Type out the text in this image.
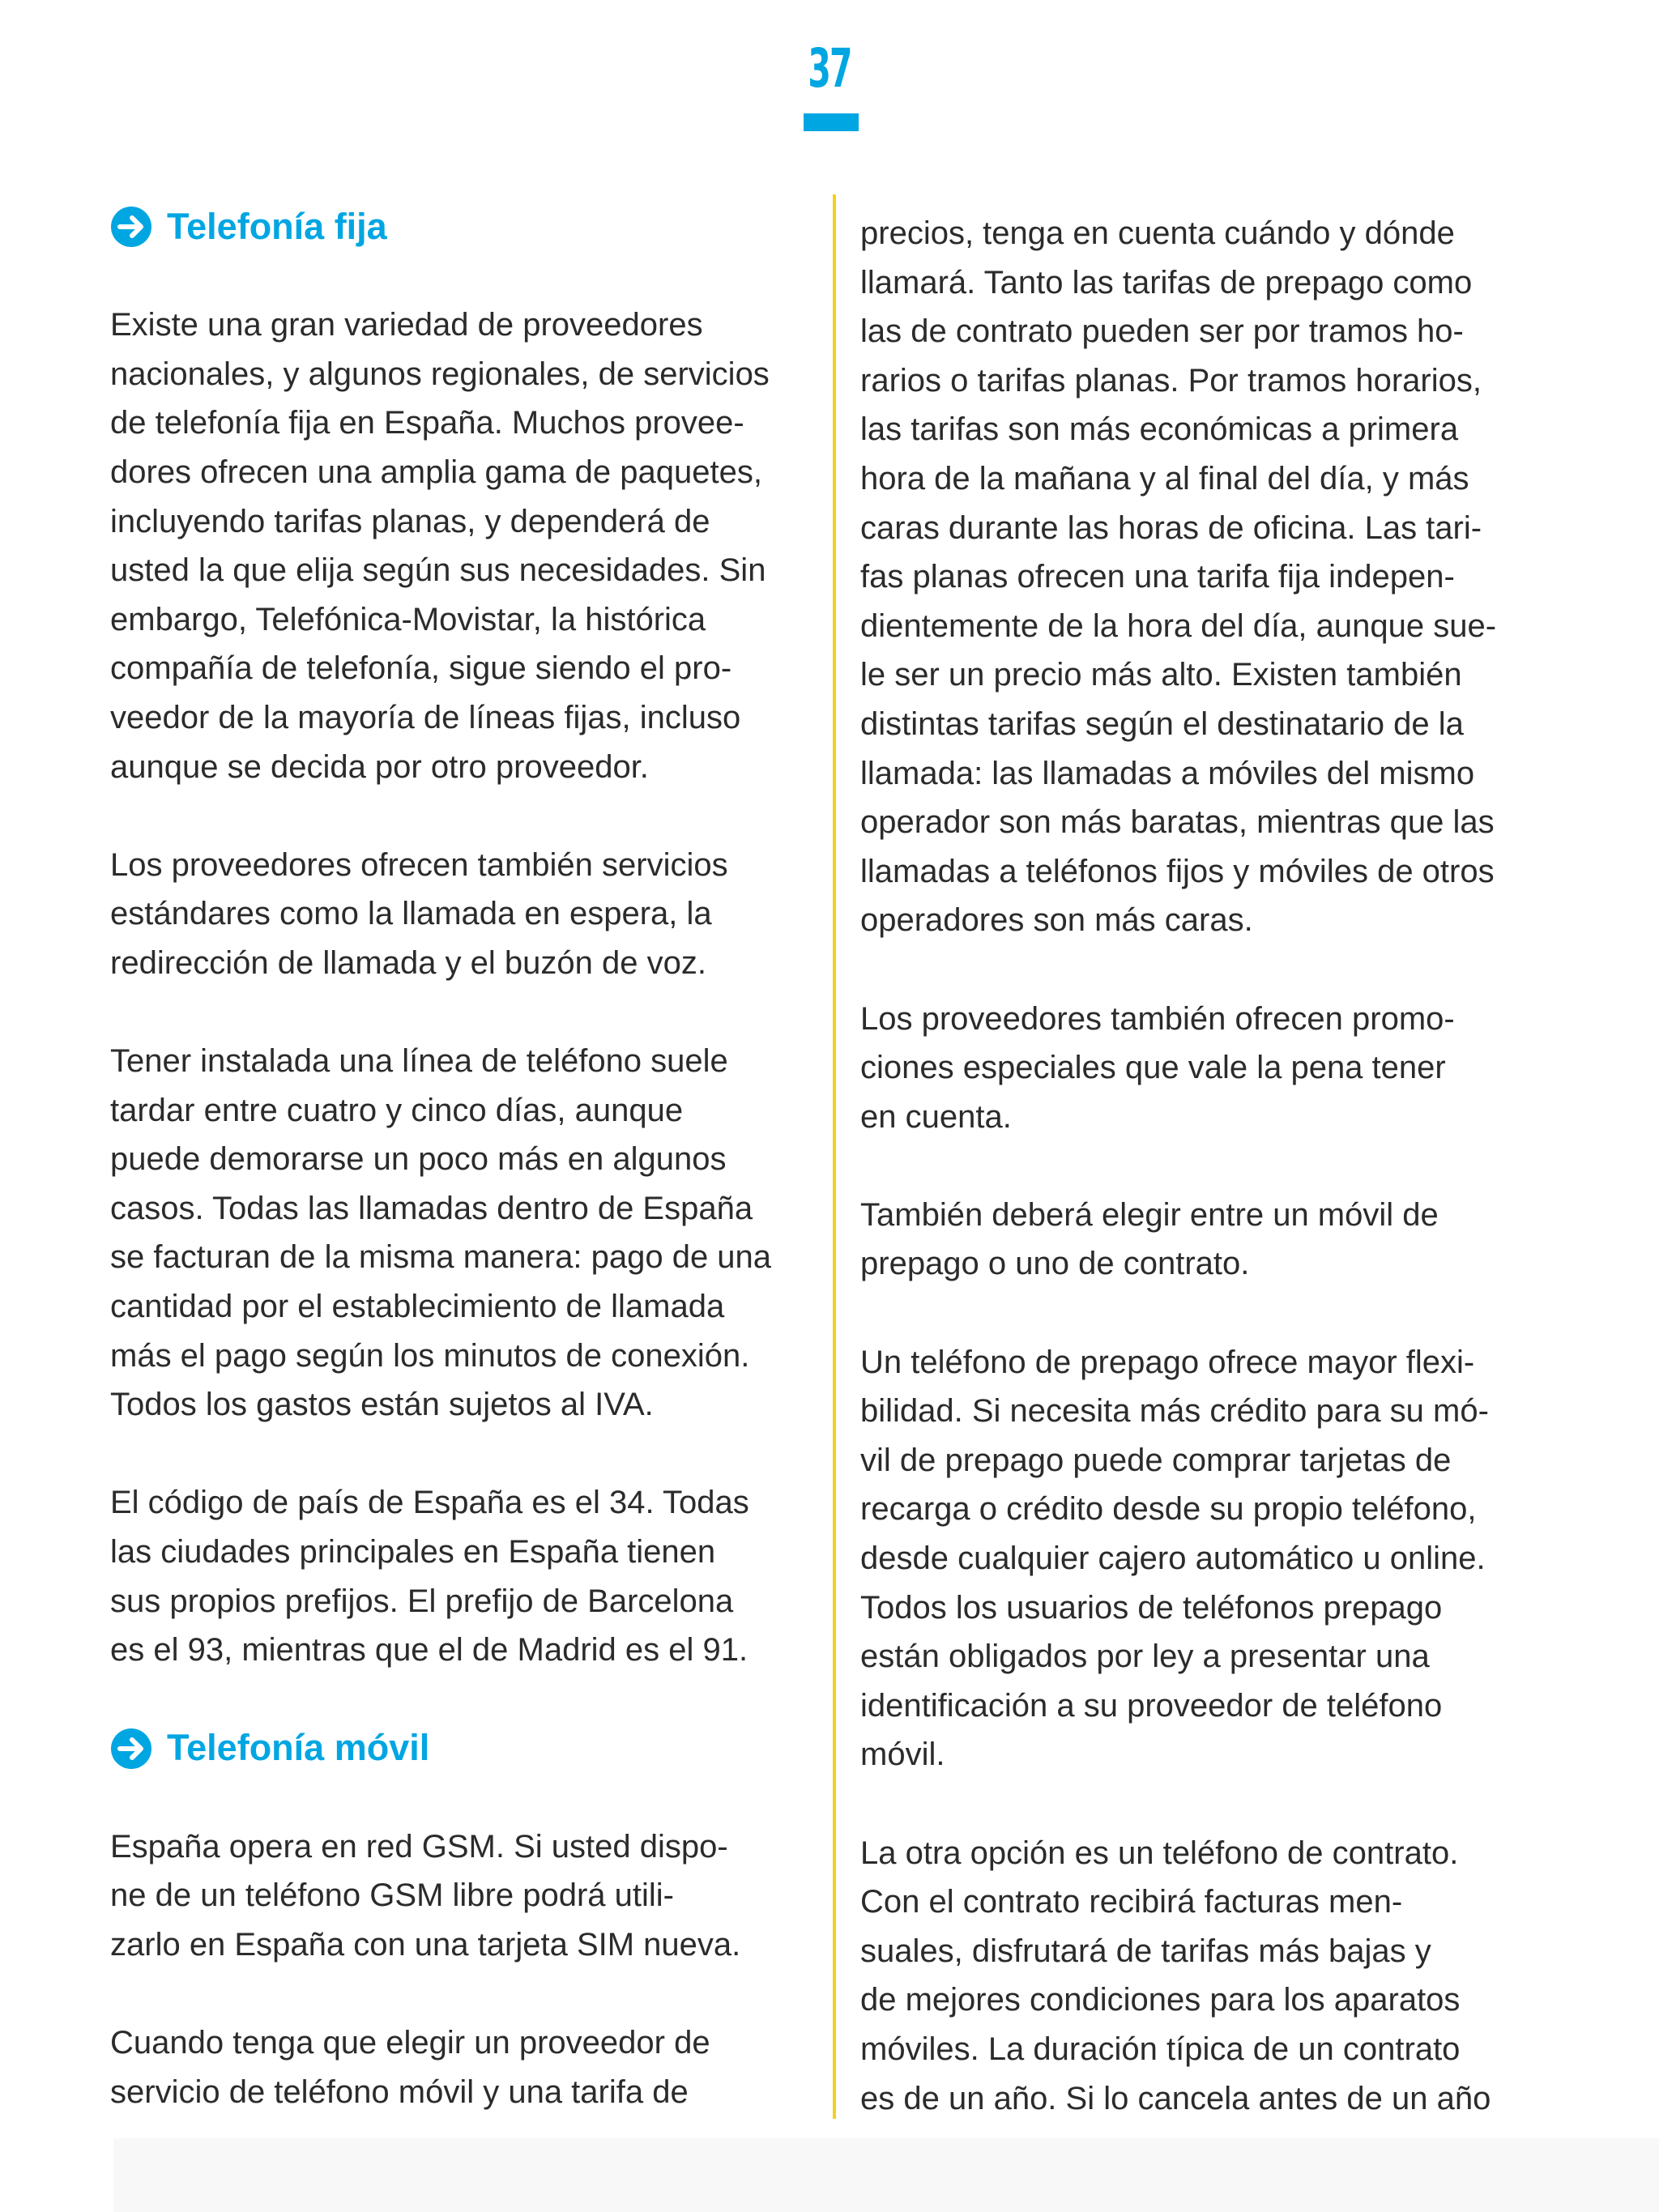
37
Telefonía fija
Existe una gran variedad de proveedores
nacionales, y algunos regionales, de servicios
de telefonía fija en España. Muchos provee-
dores ofrecen una amplia gama de paquetes,
incluyendo tarifas planas, y dependerá de
usted la que elija según sus necesidades. Sin
embargo, Telefónica-Movistar, la histórica
compañía de telefonía, sigue siendo el pro-
veedor de la mayoría de líneas fijas, incluso
aunque se decida por otro proveedor.
Los proveedores ofrecen también servicios
estándares como la llamada en espera, la
redirección de llamada y el buzón de voz.
Tener instalada una línea de teléfono suele
tardar entre cuatro y cinco días, aunque
puede demorarse un poco más en algunos
casos. Todas las llamadas dentro de España
se facturan de la misma manera: pago de una
cantidad por el establecimiento de llamada
más el pago según los minutos de conexión.
Todos los gastos están sujetos al IVA.
El código de país de España es el 34. Todas
las ciudades principales en España tienen
sus propios prefijos. El prefijo de Barcelona
es el 93, mientras que el de Madrid es el 91.
Telefonía móvil
España opera en red GSM. Si usted dispo-
ne de un teléfono GSM libre podrá utili-
zarlo en España con una tarjeta SIM nueva.
Cuando tenga que elegir un proveedor de
servicio de teléfono móvil y una tarifa de
precios, tenga en cuenta cuándo y dónde
llamará. Tanto las tarifas de prepago como
las de contrato pueden ser por tramos ho-
rarios o tarifas planas. Por tramos horarios,
las tarifas son más económicas a primera
hora de la mañana y al final del día, y más
caras durante las horas de oficina. Las tari-
fas planas ofrecen una tarifa fija indepen-
dientemente de la hora del día, aunque sue-
le ser un precio más alto. Existen también
distintas tarifas según el destinatario de la
llamada: las llamadas a móviles del mismo
operador son más baratas, mientras que las
llamadas a teléfonos fijos y móviles de otros
operadores son más caras.
Los proveedores también ofrecen promo-
ciones especiales que vale la pena tener
en cuenta.
También deberá elegir entre un móvil de
prepago o uno de contrato.
Un teléfono de prepago ofrece mayor flexi-
bilidad. Si necesita más crédito para su mó-
vil de prepago puede comprar tarjetas de
recarga o crédito desde su propio teléfono,
desde cualquier cajero automático u online.
Todos los usuarios de teléfonos prepago
están obligados por ley a presentar una
identificación a su proveedor de teléfono
móvil.
La otra opción es un teléfono de contrato.
Con el contrato recibirá facturas men-
suales, disfrutará de tarifas más bajas y
de mejores condiciones para los aparatos
móviles. La duración típica de un contrato
es de un año. Si lo cancela antes de un año
